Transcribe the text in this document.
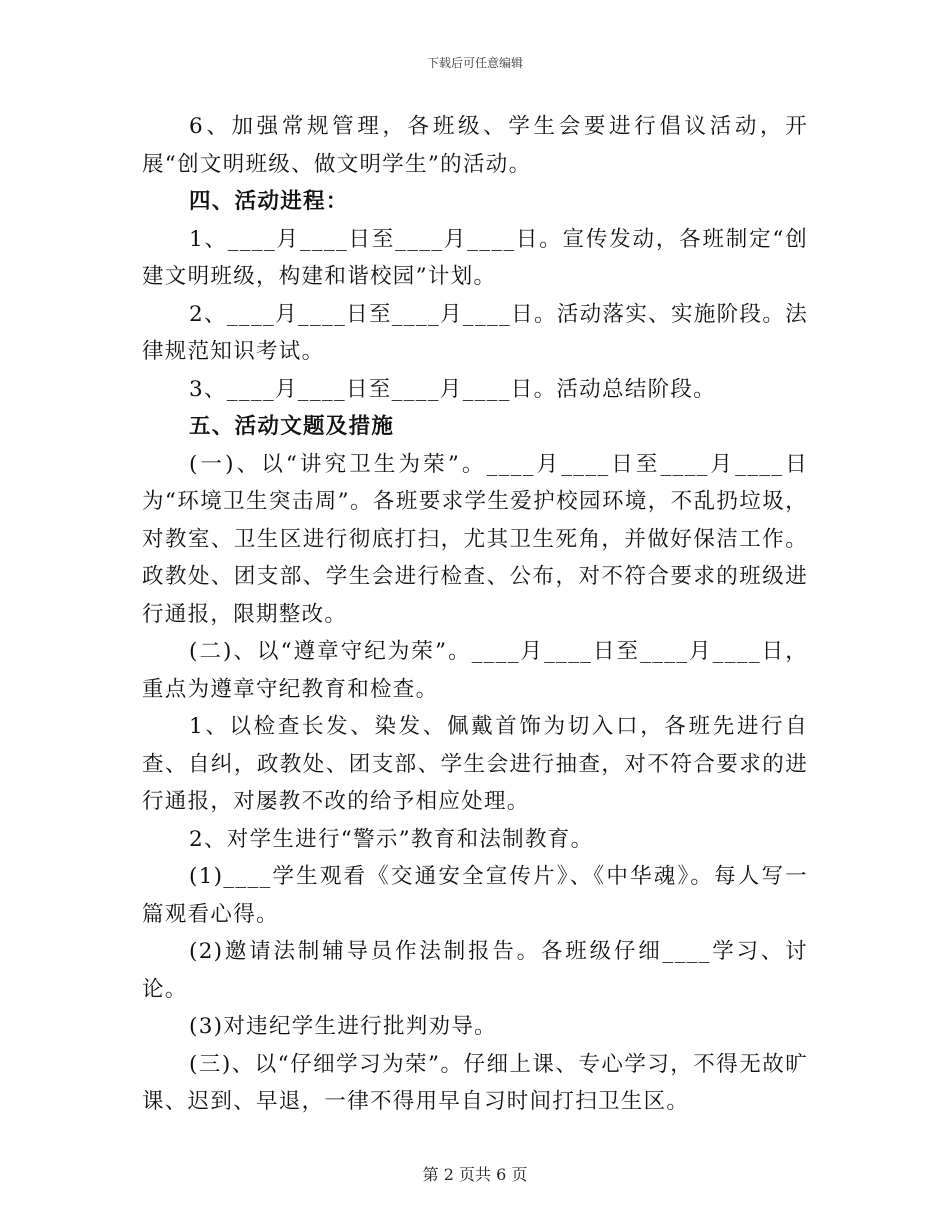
下载后可任意编辑

6、加强常规管理，各班级、学生会要进行倡议活动，开展“创文明班级、做文明学生”的活动。

四、活动进程：

1、____月____日至____月____日。宣传发动，各班制定“创建文明班级，构建和谐校园”计划。

2、____月____日至____月____日。活动落实、实施阶段。法律规范知识考试。

3、____月____日至____月____日。活动总结阶段。

五、活动文题及措施

(一)、以“讲究卫生为荣”。____月____日至____月____日为“环境卫生突击周”。各班要求学生爱护校园环境，不乱扔垃圾，对教室、卫生区进行彻底打扫，尤其卫生死角，并做好保洁工作。政教处、团支部、学生会进行检查、公布，对不符合要求的班级进行通报，限期整改。

(二)、以“遵章守纪为荣”。____月____日至____月____日，重点为遵章守纪教育和检查。

1、以检查长发、染发、佩戴首饰为切入口，各班先进行自查、自纠，政教处、团支部、学生会进行抽查，对不符合要求的进行通报，对屡教不改的给予相应处理。

2、对学生进行“警示”教育和法制教育。

(1)____学生观看《交通安全宣传片》、《中华魂》。每人写一篇观看心得。

(2)邀请法制辅导员作法制报告。各班级仔细____学习、讨论。

(3)对违纪学生进行批判劝导。

(三)、以“仔细学习为荣”。仔细上课、专心学习，不得无故旷课、迟到、早退，一律不得用早自习时间打扫卫生区。

第 2 页共 6 页
